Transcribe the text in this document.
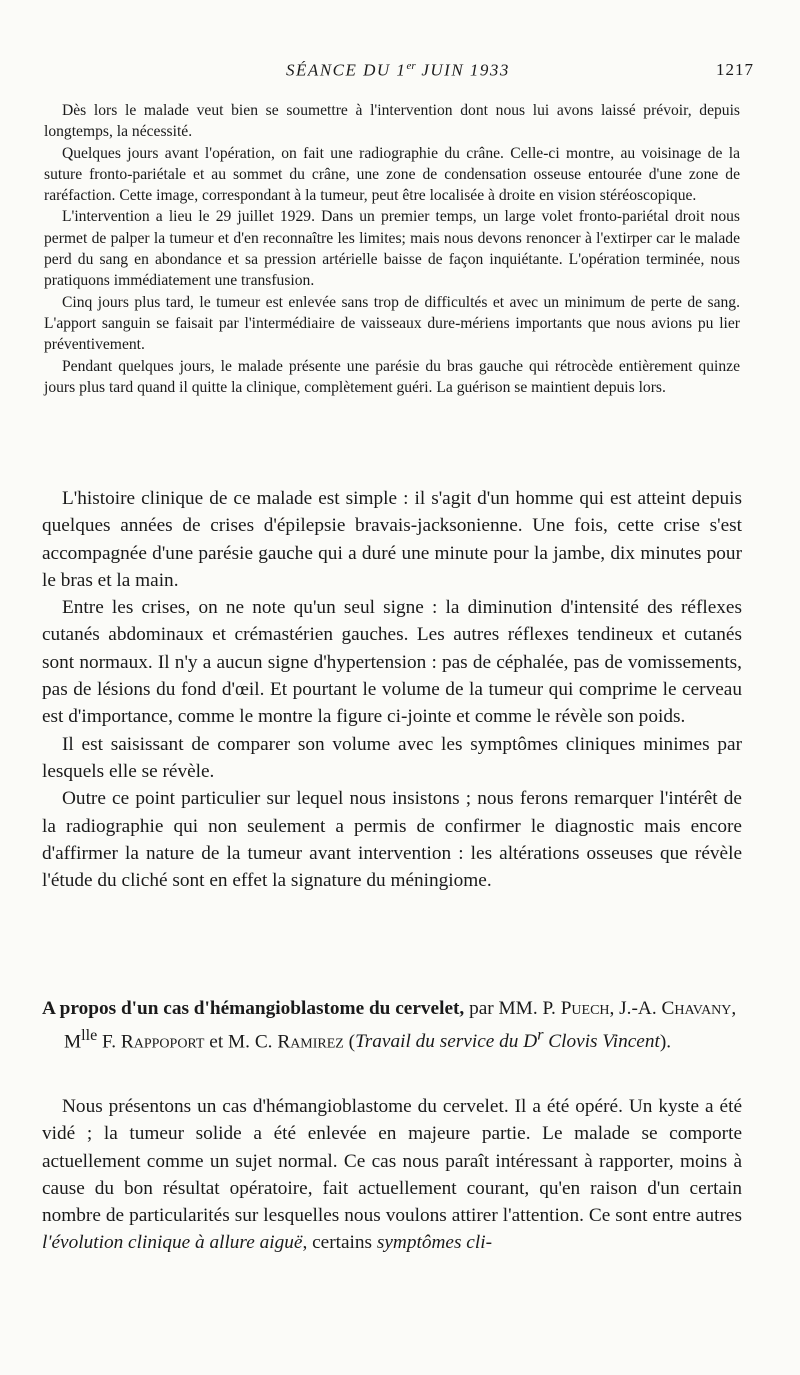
SÉANCE DU 1er JUIN 1933	1217

Dès lors le malade veut bien se soumettre à l'intervention dont nous lui avons laissé prévoir, depuis longtemps, la nécessité.

Quelques jours avant l'opération, on fait une radiographie du crâne. Celle-ci montre, au voisinage de la suture fronto-pariétale et au sommet du crâne, une zone de condensation osseuse entourée d'une zone de raréfaction. Cette image, correspondant à la tumeur, peut être localisée à droite en vision stéréoscopique.

L'intervention a lieu le 29 juillet 1929. Dans un premier temps, un large volet fronto-pariétal droit nous permet de palper la tumeur et d'en reconnaître les limites; mais nous devons renoncer à l'extirper car le malade perd du sang en abondance et sa pression artérielle baisse de façon inquiétante. L'opération terminée, nous pratiquons immédiatement une transfusion.

Cinq jours plus tard, le tumeur est enlevée sans trop de difficultés et avec un minimum de perte de sang. L'apport sanguin se faisait par l'intermédiaire de vaisseaux dure-mériens importants que nous avions pu lier préventivement.

Pendant quelques jours, le malade présente une parésie du bras gauche qui rétrocède entièrement quinze jours plus tard quand il quitte la clinique, complètement guéri. La guérison se maintient depuis lors.

L'histoire clinique de ce malade est simple : il s'agit d'un homme qui est atteint depuis quelques années de crises d'épilepsie bravais-jacksonienne. Une fois, cette crise s'est accompagnée d'une parésie gauche qui a duré une minute pour la jambe, dix minutes pour le bras et la main.

Entre les crises, on ne note qu'un seul signe : la diminution d'intensité des réflexes cutanés abdominaux et crémastérien gauches. Les autres réflexes tendineux et cutanés sont normaux. Il n'y a aucun signe d'hypertension : pas de céphalée, pas de vomissements, pas de lésions du fond d'œil. Et pourtant le volume de la tumeur qui comprime le cerveau est d'importance, comme le montre la figure ci-jointe et comme le révèle son poids.

Il est saisissant de comparer son volume avec les symptômes cliniques minimes par lesquels elle se révèle.

Outre ce point particulier sur lequel nous insistons ; nous ferons remarquer l'intérêt de la radiographie qui non seulement a permis de confirmer le diagnostic mais encore d'affirmer la nature de la tumeur avant intervention : les altérations osseuses que révèle l'étude du cliché sont en effet la signature du méningiome.

A propos d'un cas d'hémangioblastome du cervelet, par MM. P. Puech, J.-A. Chavany, $M^{lle}$ F. Rappoport et M. C. Ramirez (Travail du service du $D^r$ Clovis Vincent).

Nous présentons un cas d'hémangioblastome du cervelet. Il a été opéré. Un kyste a été vidé ; la tumeur solide a été enlevée en majeure partie. Le malade se comporte actuellement comme un sujet normal. Ce cas nous paraît intéressant à rapporter, moins à cause du bon résultat opératoire, fait actuellement courant, qu'en raison d'un certain nombre de particularités sur lesquelles nous voulons attirer l'attention. Ce sont entre autres l'évolution clinique à allure aiguë, certains symptômes cli-
